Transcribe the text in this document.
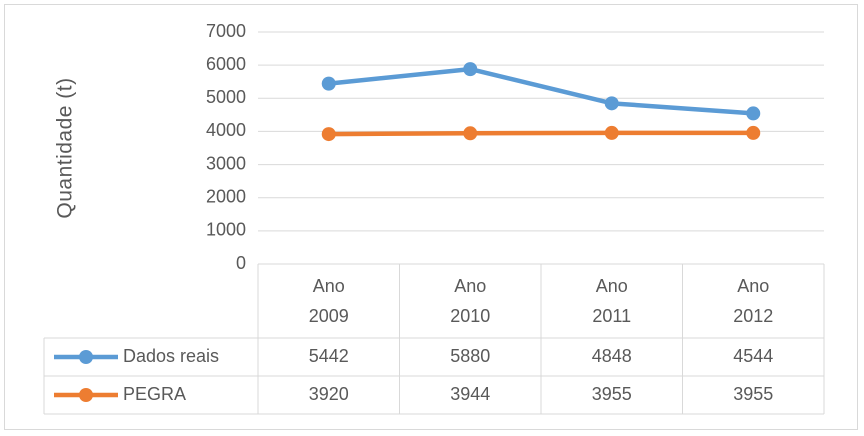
Quantidade (t)
0
1000
2000
3000
4000
5000
6000
7000
Ano
2009
Ano
2010
Ano
2011
Ano
2012
Dados reais	5442	5880	4848	4544
PEGRA	3920	3944	3955	3955
